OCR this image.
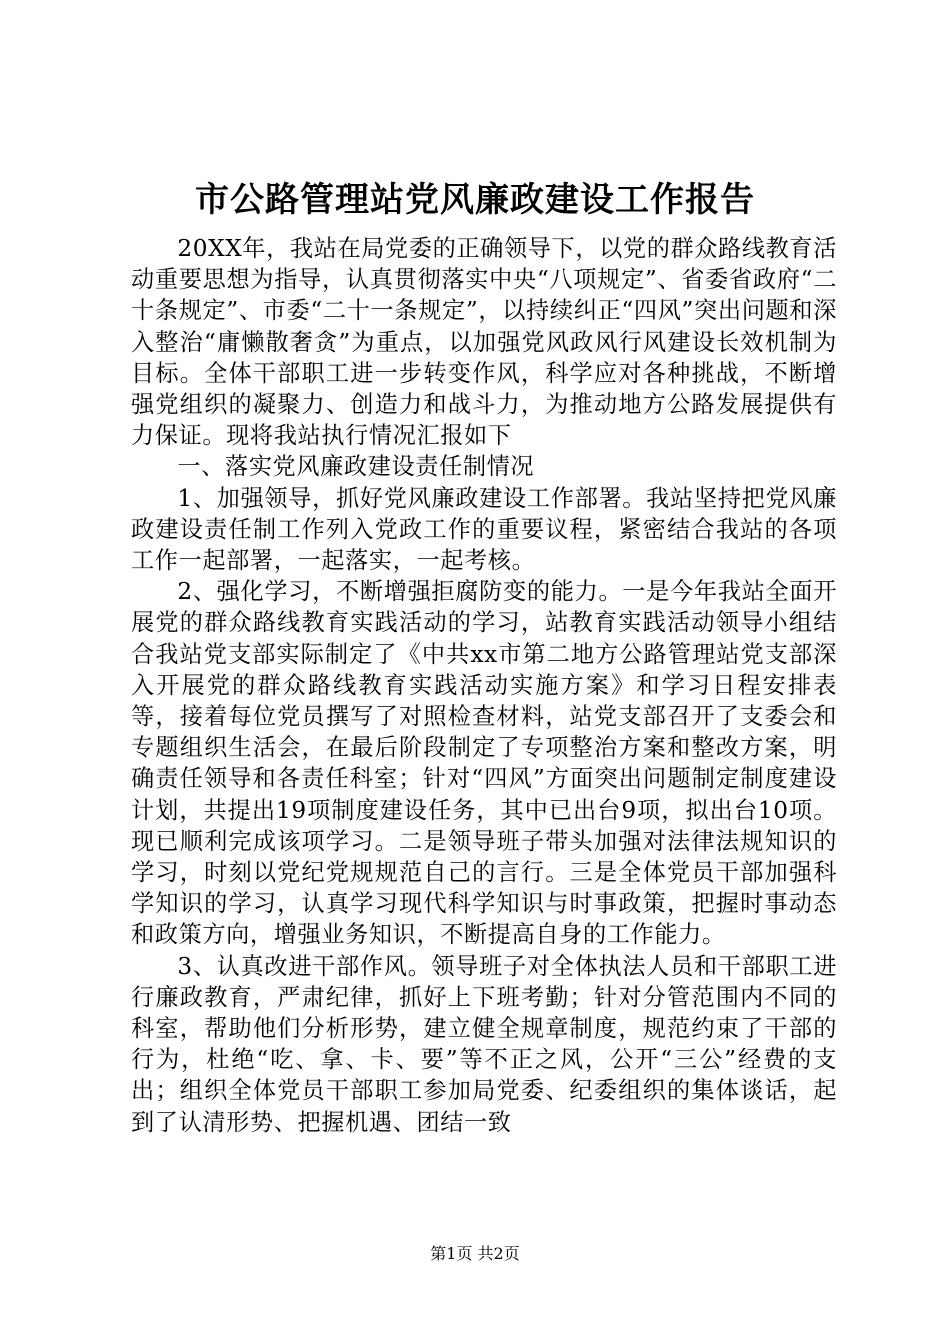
市公路管理站党风廉政建设工作报告

20XX年，我站在局党委的正确领导下，以党的群众路线教育活动重要思想为指导，认真贯彻落实中央“八项规定”、省委省政府“二十条规定”、市委“二十一条规定”，以持续纠正“四风”突出问题和深入整治“庸懒散奢贪”为重点，以加强党风政风行风建设长效机制为目标。全体干部职工进一步转变作风，科学应对各种挑战，不断增强党组织的凝聚力、创造力和战斗力，为推动地方公路发展提供有力保证。现将我站执行情况汇报如下

一、落实党风廉政建设责任制情况

1、加强领导，抓好党风廉政建设工作部署。我站坚持把党风廉政建设责任制工作列入党政工作的重要议程，紧密结合我站的各项工作一起部署，一起落实，一起考核。

2、强化学习，不断增强拒腐防变的能力。一是今年我站全面开展党的群众路线教育实践活动的学习，站教育实践活动领导小组结合我站党支部实际制定了《中共xx市第二地方公路管理站党支部深入开展党的群众路线教育实践活动实施方案》和学习日程安排表等，接着每位党员撰写了对照检查材料，站党支部召开了支委会和专题组织生活会，在最后阶段制定了专项整治方案和整改方案，明确责任领导和各责任科室；针对“四风”方面突出问题制定制度建设计划，共提出19项制度建设任务，其中已出台9项，拟出台10项。现已顺利完成该项学习。二是领导班子带头加强对法律法规知识的学习，时刻以党纪党规规范自己的言行。三是全体党员干部加强科学知识的学习，认真学习现代科学知识与时事政策，把握时事动态和政策方向，增强业务知识，不断提高自身的工作能力。

3、认真改进干部作风。领导班子对全体执法人员和干部职工进行廉政教育，严肃纪律，抓好上下班考勤；针对分管范围内不同的科室，帮助他们分析形势，建立健全规章制度，规范约束了干部的行为，杜绝“吃、拿、卡、要”等不正之风，公开“三公”经费的支出；组织全体党员干部职工参加局党委、纪委组织的集体谈话，起到了认清形势、把握机遇、团结一致

第1页 共2页
